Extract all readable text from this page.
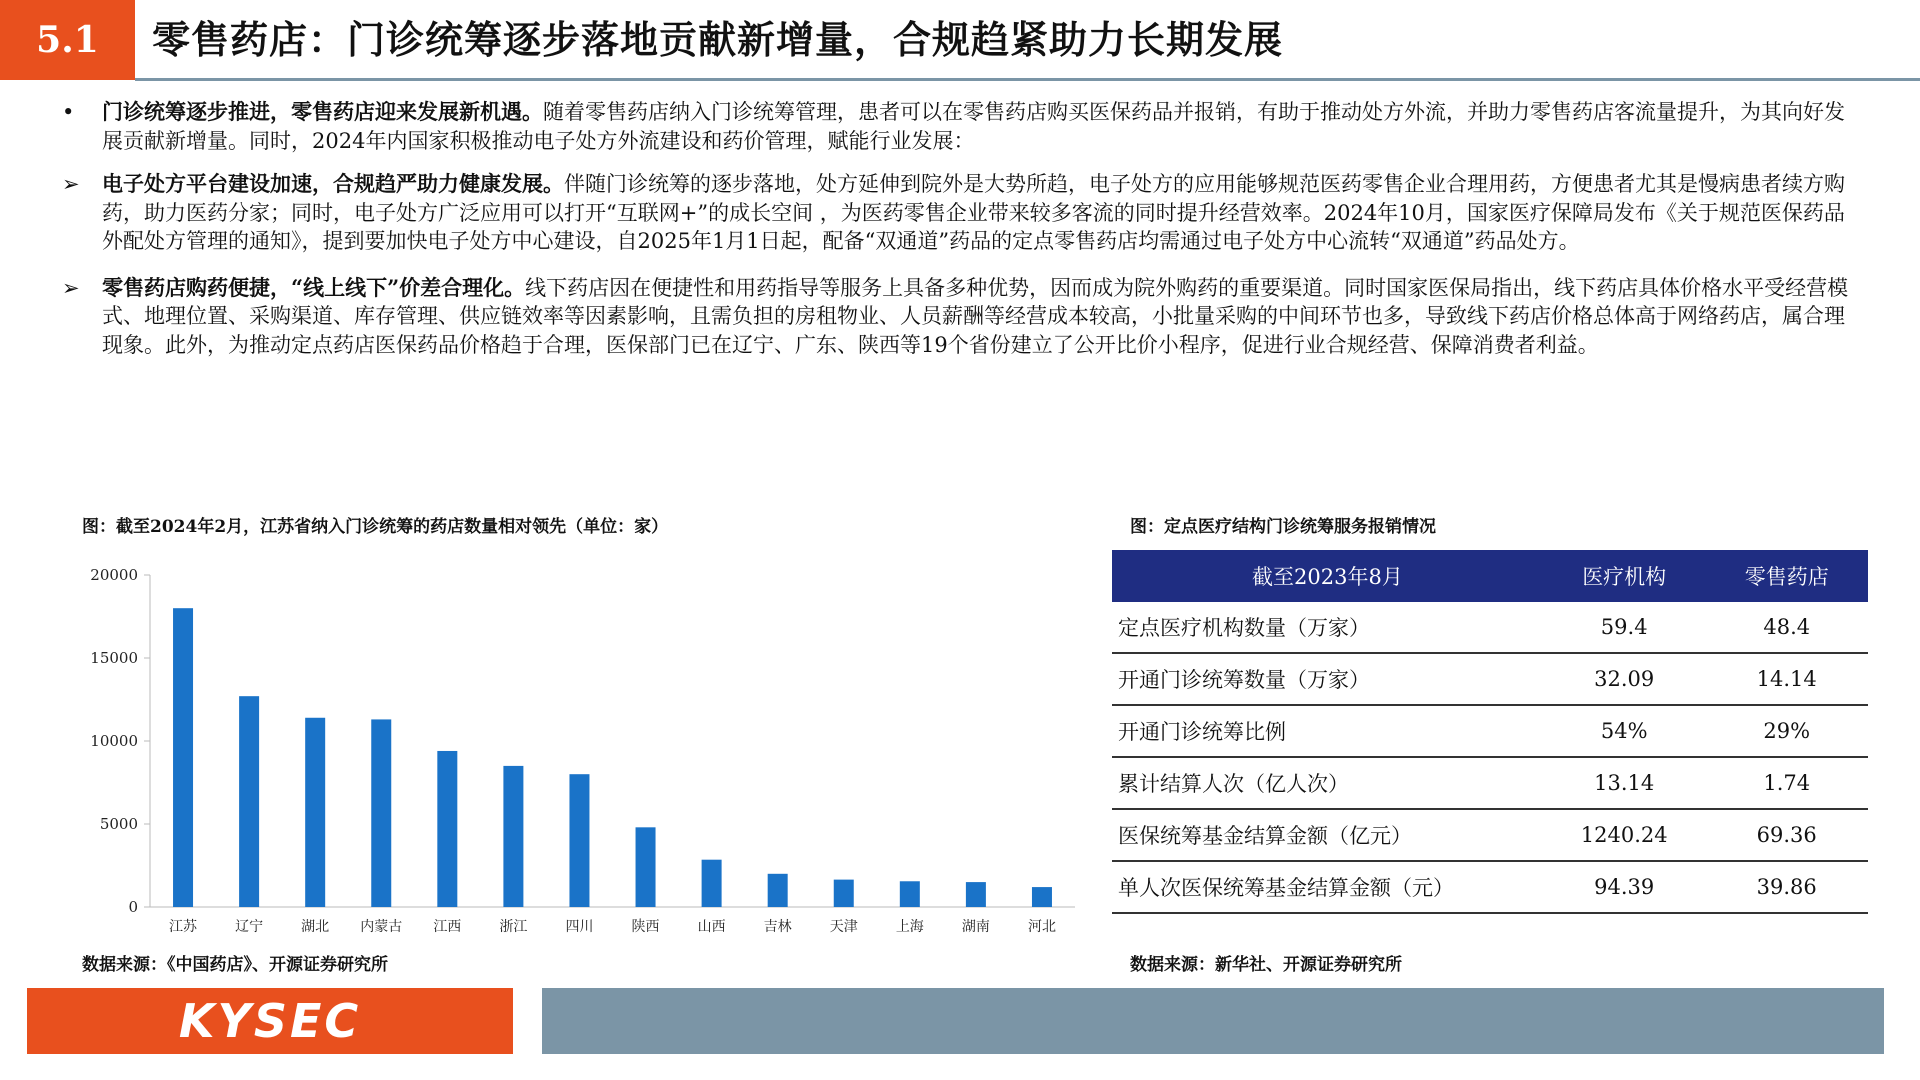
5.1	零售药店：门诊统筹逐步落地贡献新增量，合规趋紧助力长期发展
•	门诊统筹逐步推进，零售药店迎来发展新机遇。随着零售药店纳入门诊统筹管理，患者可以在零售药店购买医保药品并报销，有助于推动处方外流，并助力零售药店客流量提升，为其向好发展贡献新增量。同时，2024年内国家积极推动电子处方外流建设和药价管理，赋能行业发展：
➢	电子处方平台建设加速，合规趋严助力健康发展。伴随门诊统筹的逐步落地，处方延伸到院外是大势所趋，电子处方的应用能够规范医药零售企业合理用药，方便患者尤其是慢病患者续方购药，助力医药分家；同时，电子处方广泛应用可以打开“互联网+”的成长空间 ，为医药零售企业带来较多客流的同时提升经营效率。2024年10月，国家医疗保障局发布《关于规范医保药品外配处方管理的通知》，提到要加快电子处方中心建设，自2025年1月1日起，配备“双通道”药品的定点零售药店均需通过电子处方中心流转“双通道”药品处方。
➢	零售药店购药便捷，“线上线下”价差合理化。线下药店因在便捷性和用药指导等服务上具备多种优势，因而成为院外购药的重要渠道。同时国家医保局指出，线下药店具体价格水平受经营模式、地理位置、采购渠道、库存管理、供应链效率等因素影响，且需负担的房租物业、人员薪酬等经营成本较高，小批量采购的中间环节也多，导致线下药店价格总体高于网络药店，属合理现象。此外，为推动定点药店医保药品价格趋于合理，医保部门已在辽宁、广东、陕西等19个省份建立了公开比价小程序，促进行业合规经营、保障消费者利益。
图：截至2024年2月，江苏省纳入门诊统筹的药店数量相对领先（单位：家）
0
5000
10000
15000
20000
江苏	辽宁	湖北 内蒙古 江西	浙江	四川	陕西	山西	吉林	天津	上海	湖南	河北
数据来源：《中国药店》、开源证券研究所
图：定点医疗结构门诊统筹服务报销情况
截至2023年8月	医疗机构	零售药店
定点医疗机构数量（万家）	59.4	48.4
开通门诊统筹数量（万家）	32.09	14.14
开通门诊统筹比例	54%	29%
累计结算人次（亿人次）	13.14	1.74
医保统筹基金结算金额（亿元）	1240.24	69.36
单人次医保统筹基金结算金额（元）	94.39	39.86
数据来源：新华社、开源证券研究所
KYSEC
